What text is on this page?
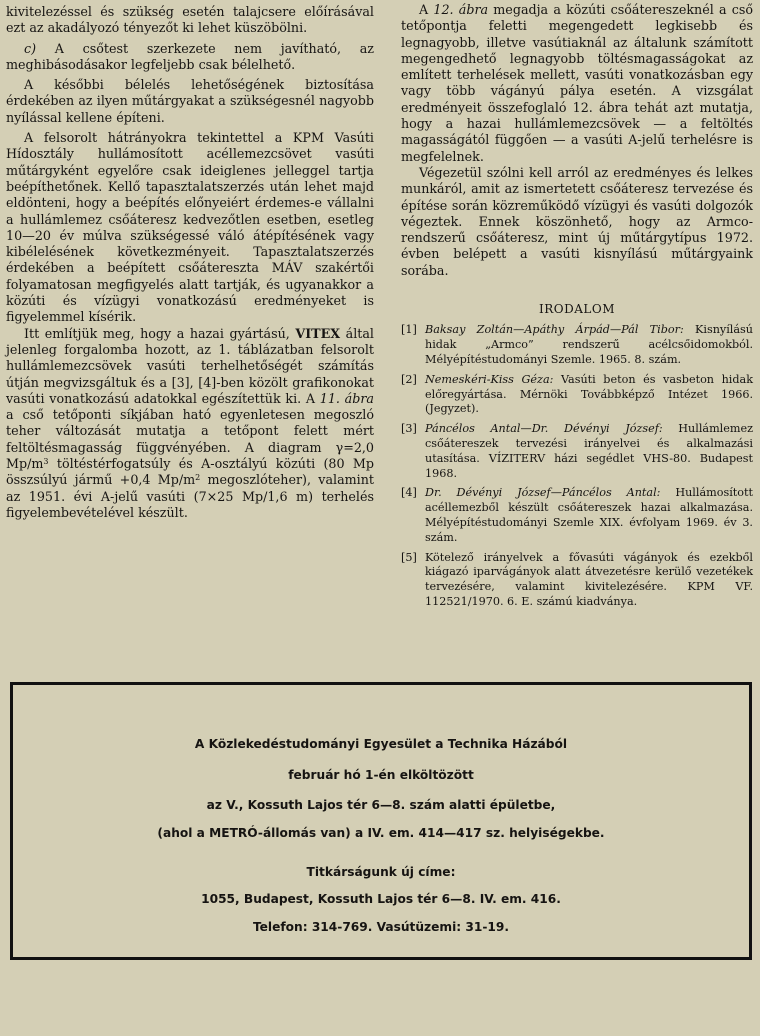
kivitelezéssel és szükség esetén talajcsere előírásával ezt az akadályozó tényezőt ki lehet küszöbölni.

c) A csőtest szerkezete nem javítható, az meghibásodásakor legfeljebb csak bélelhető.

A későbbi bélelés lehetőségének biztosítása érdekében az ilyen műtárgyakat a szükségesnél nagyobb nyílással kellene építeni.

A felsorolt hátrányokra tekintettel a KPM Vasúti Hídosztály hullámosított acéllemezcsövet vasúti műtárgyként egyelőre csak ideiglenes jelleggel tartja beépíthetőnek. Kellő tapasztalatszerzés után lehet majd eldönteni, hogy a beépítés előnyeiért érdemes-e vállalni a hullámlemez csőáteresz kedvezőtlen esetben, esetleg 10—20 év múlva szükségessé váló átépítésének vagy kibélelésének következményeit. Tapasztalatszerzés érdekében a beépített csőáteresztа MÁV szakértői folyamatosan megfigyelés alatt tartják, és ugyanakkor a közúti és vízügyi vonatkozású eredményeket is figyelemmel kísérik.

Itt említjük meg, hogy a hazai gyártású, VITEX által jelenleg forgalomba hozott, az 1. táblázatban felsorolt hullámlemezcsövek vasúti terhelhetőségét számítás útján megvizsgáltuk és a [3], [4]-ben közölt grafikonokat vasúti vonatkozású adatokkal egészítettük ki. A 11. ábra a cső tetőponti síkjában ható egyenletesen megoszló teher változását mutatja a tetőpont felett mért feltöltésmagasság függvényében. A diagram γ=2,0 $Mp/m^3$ töltéstérfogatsúly és A-osztályú közúti (80 Mp összsúlyú jármű +0,4 $Mp/m^2$ megoszlóteher), valamint az 1951. évi A-jelű vasúti (7×25 Mp/1,6 m) terhelés figyelembevételével készült.

A 12. ábra megadja a közúti csőátereszeknél a cső tetőpontja feletti megengedett legkisebb és legnagyobb, illetve vasútiaknál az általunk számított megengedhető legnagyobb töltésmagasságokat az említett terhelések mellett, vasúti vonatkozásban egy vagy több vágányú pálya esetén. A vizsgálat eredményeit összefoglaló 12. ábra tehát azt mutatja, hogy a hazai hullámlemezcsövek — a feltöltés magasságától függően — a vasúti A-jelű terhelésre is megfelelnek.

Végezetül szólni kell arról az eredményes és lelkes munkáról, amit az ismertetett csőáteresz tervezése és építése során közreműködő vízügyi és vasúti dolgozók végeztek. Ennek köszönhető, hogy az Armco-rendszerű csőáteresz, mint új műtárgytípus 1972. évben belépett a vasúti kisnyílású műtárgyaink sorába.

IRODALOM
[1] Baksay Zoltán—Apáthy Árpád—Pál Tibor: Kisnyílású hidak „Armco” rendszerű acélcsőidomokból. Mélyépítéstudományi Szemle. 1965. 8. szám.
[2] Nemeskéri-Kiss Géza: Vasúti beton és vasbeton hidak előregyártása. Mérnöki Továbbképző Intézet 1966. (Jegyzet).
[3] Páncélos Antal—Dr. Dévényi József: Hullámlemez csőátereszek tervezési irányelvei és alkalmazási utasítása. VÍZITERV házi segédlet VHS-80. Budapest 1968.
[4] Dr. Dévényi József—Páncélos Antal: Hullámosított acéllemezből készült csőátereszek hazai alkalmazása. Mélyépítéstudományi Szemle XIX. évfolyam 1969. év 3. szám.
[5] Kötelező irányelvek a fővasúti vágányok és ezekből kiágazó iparvágányok alatt átvezetésre kerülő vezetékek tervezésére, valamint kivitelezésére. KPM VF. 112521/1970. 6. E. számú kiadványa.
A Közlekedéstudományi Egyesület a Technika Házából
február hó 1-én elköltözött
az V., Kossuth Lajos tér 6—8. szám alatti épületbe,
(ahol a METRÓ-állomás van) a IV. em. 414—417 sz. helyiségekbe.
Titkárságunk új címe:
1055, Budapest, Kossuth Lajos tér 6—8. IV. em. 416.
Telefon: 314-769. Vasútüzemi: 31-19.
